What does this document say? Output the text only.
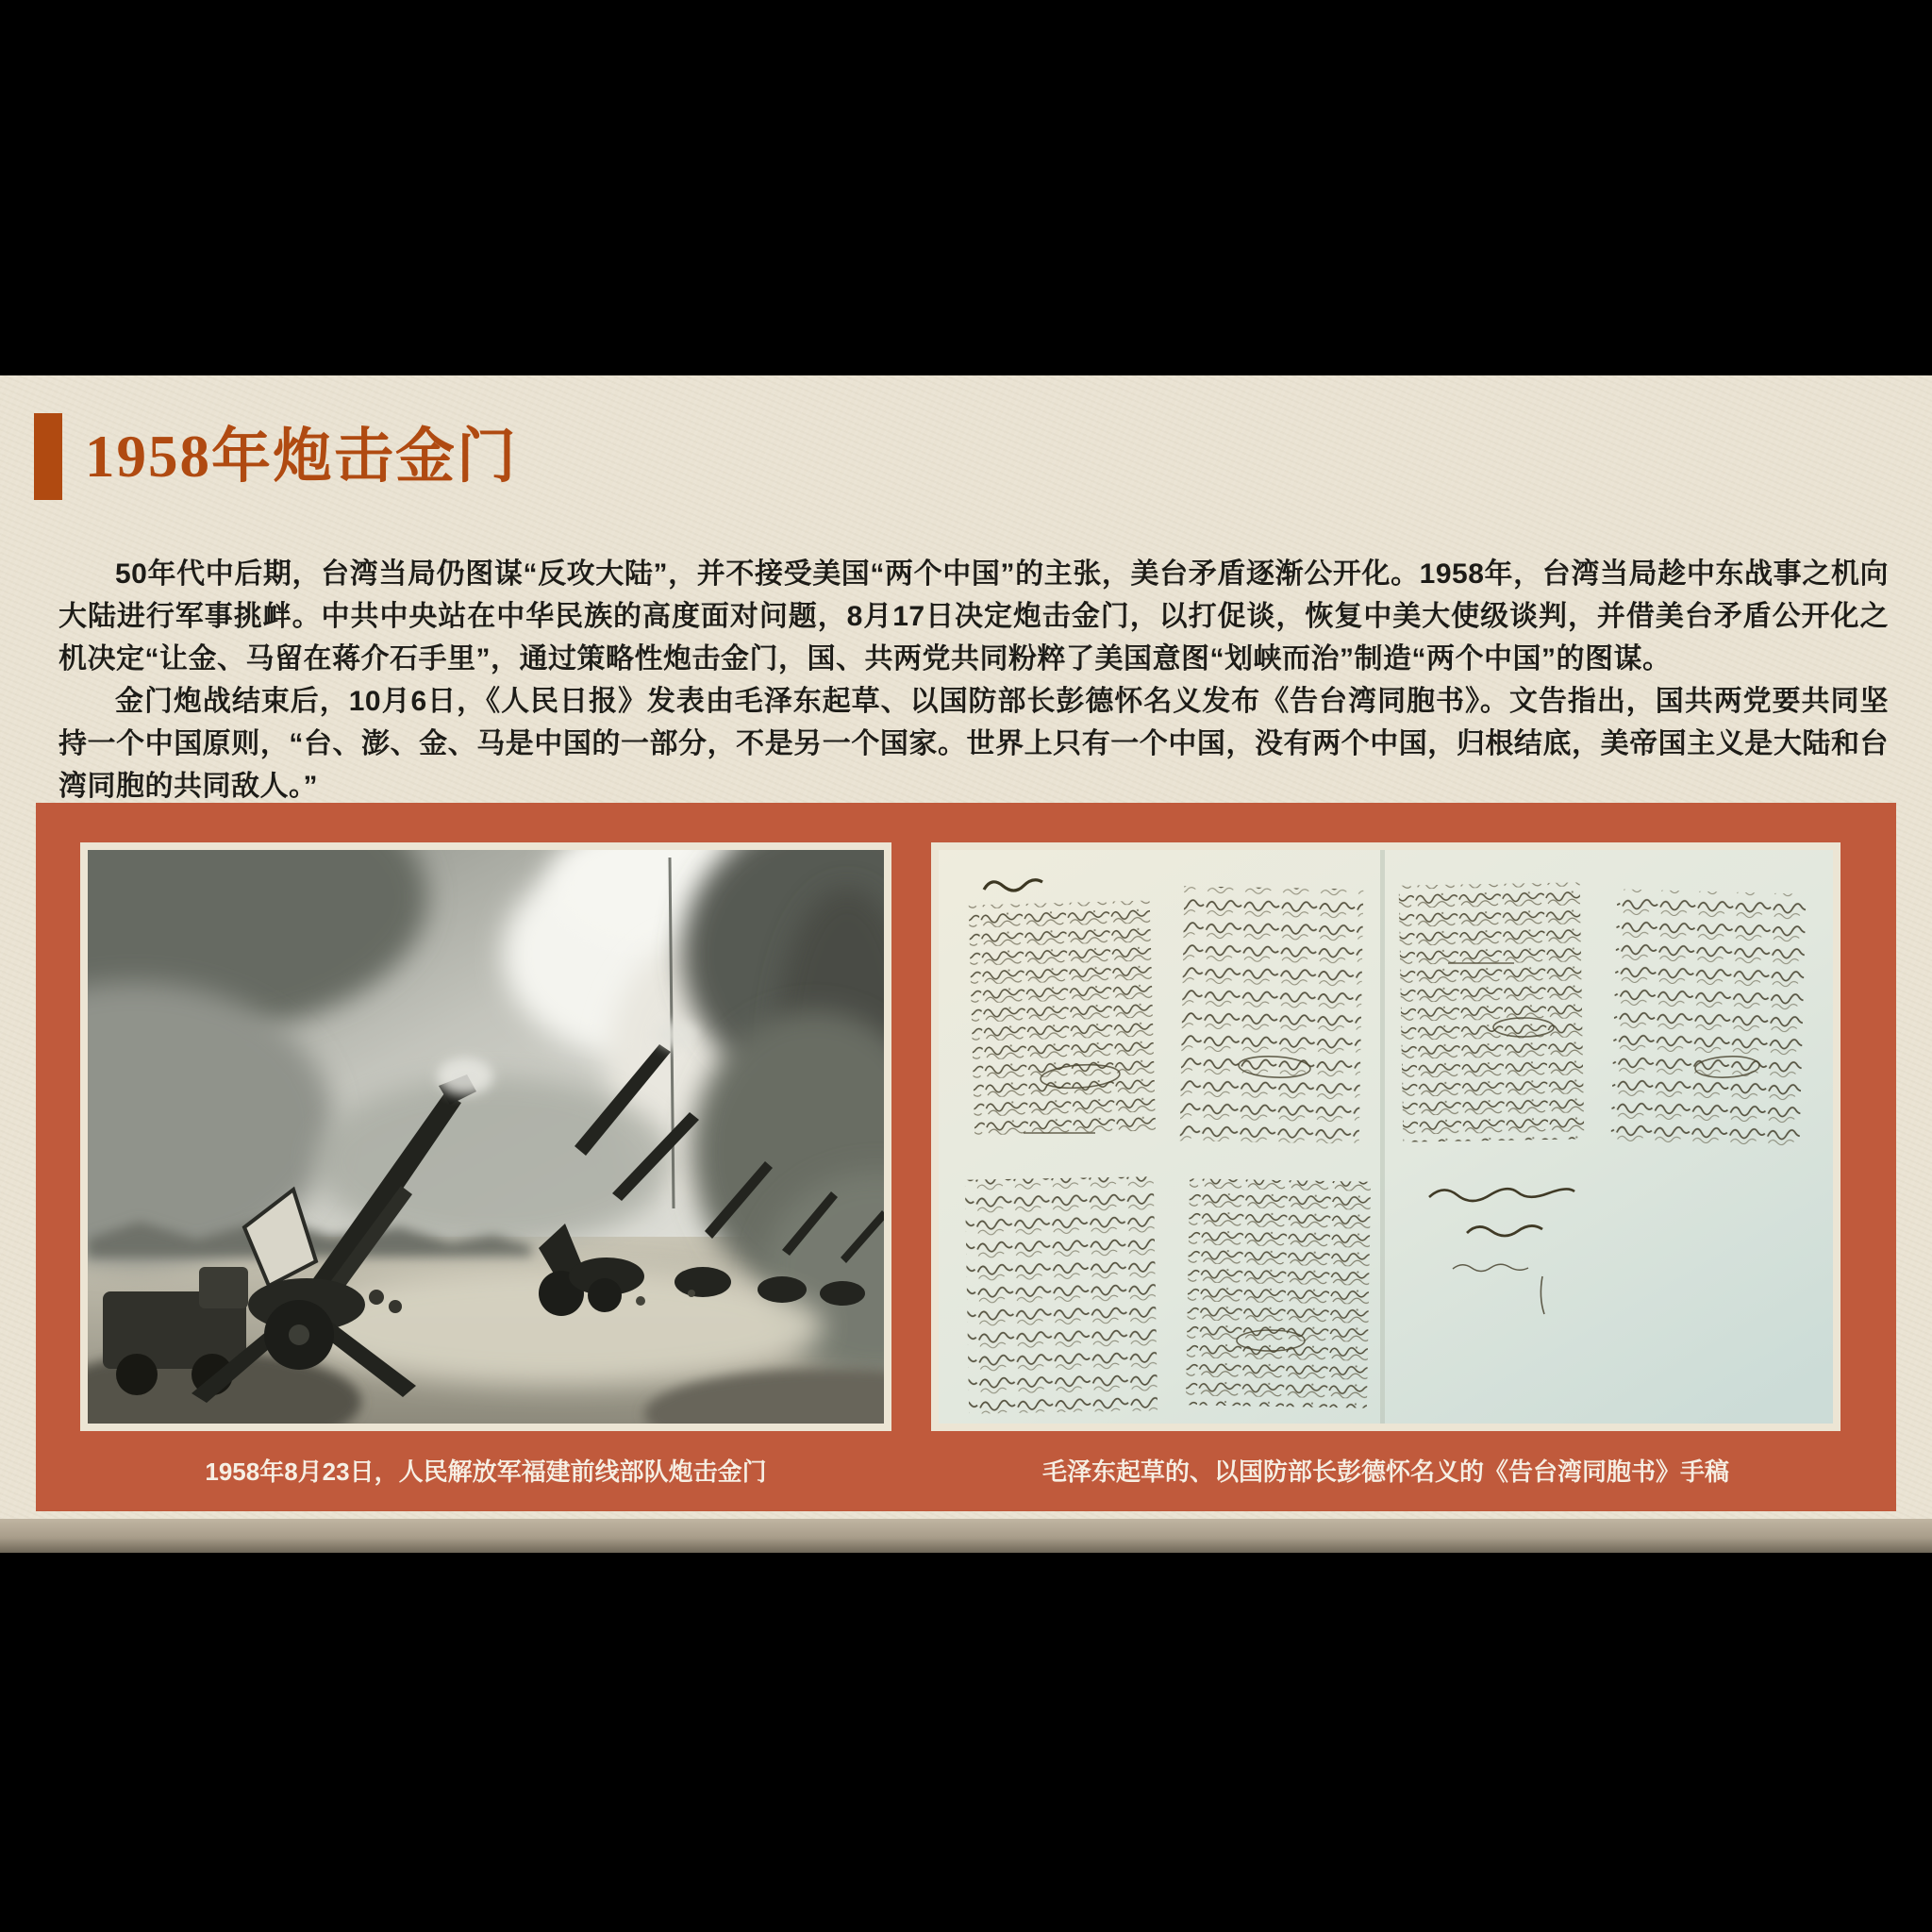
1958年炮击金门

50年代中后期，台湾当局仍图谋“反攻大陆”，并不接受美国“两个中国”的主张，美台矛盾逐渐公开化。1958年，台湾当局趁中东战事之机向大陆进行军事挑衅。中共中央站在中华民族的高度面对问题，8月17日决定炮击金门，以打促谈，恢复中美大使级谈判，并借美台矛盾公开化之机决定“让金、马留在蒋介石手里”，通过策略性炮击金门，国、共两党共同粉粹了美国意图“划峡而治”制造“两个中国”的图谋。

金门炮战结束后，10月6日，《人民日报》发表由毛泽东起草、以国防部长彭德怀名义发布《告台湾同胞书》。文告指出，国共两党要共同坚持一个中国原则，“台、澎、金、马是中国的一部分，不是另一个国家。世界上只有一个中国，没有两个中国，归根结底，美帝国主义是大陆和台湾同胞的共同敌人。”

1958年8月23日，人民解放军福建前线部队炮击金门	毛泽东起草的、以国防部长彭德怀名义的《告台湾同胞书》手稿
